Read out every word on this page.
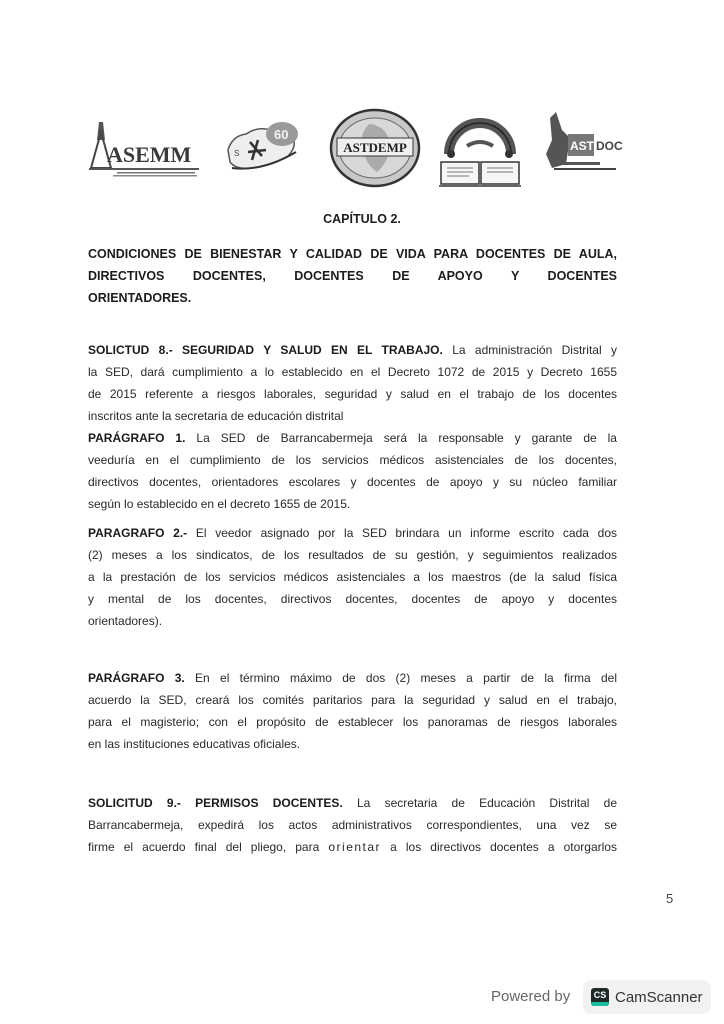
ASEMM
60
S	ASTDEMP	AST DOC
CAPÍTULO 2.
CONDICIONES DE BIENESTAR Y CALIDAD DE VIDA PARA DOCENTES DE AULA,
DIRECTIVOS DOCENTES, DOCENTES DE APOYO Y DOCENTES
ORIENTADORES.
SOLICTUD 8.- SEGURIDAD Y SALUD EN EL TRABAJO. La administración Distrital y
la SED, dará cumplimiento a lo establecido en el Decreto 1072 de 2015 y Decreto 1655
de 2015 referente a riesgos laborales, seguridad y salud en el trabajo de los docentes
inscritos ante la secretaria de educación distrital
PARÁGRAFO 1. La SED de Barrancabermeja será la responsable y garante de la
veeduría en el cumplimiento de los servicios médicos asistenciales de los docentes,
directivos docentes, orientadores escolares y docentes de apoyo y su núcleo familiar
según lo establecido en el decreto 1655 de 2015.
PARAGRAFO 2.- El veedor asignado por la SED brindara un informe escrito cada dos
(2) meses a los sindicatos, de los resultados de su gestión, y seguimientos realizados
a la prestación de los servicios médicos asistenciales a los maestros (de la salud física
y mental de los docentes, directivos docentes, docentes de apoyo y docentes
orientadores).
PARÁGRAFO 3. En el término máximo de dos (2) meses a partir de la firma del
acuerdo la SED, creará los comités paritarios para la seguridad y salud en el trabajo,
para el magisterio; con el propósito de establecer los panoramas de riesgos laborales
en las instituciones educativas oficiales.
SOLICITUD 9.- PERMISOS DOCENTES. La secretaria de Educación Distrital de
Barrancabermeja, expedirá los actos administrativos correspondientes, una vez se
firme el acuerdo final del pliego, para orientar a los directivos docentes a otorgarlos
5
Powered by	CS CamScanner
